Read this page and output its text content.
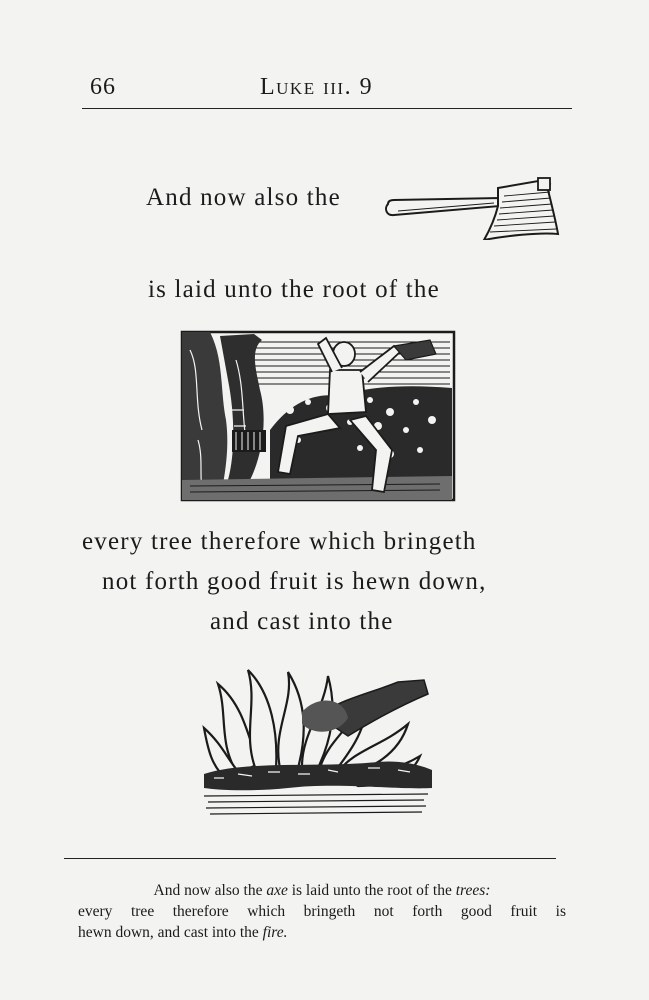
66	Luke iii. 9
And now also the
is laid unto the root of the
every tree therefore which bringeth
not forth good fruit is hewn down,
and cast into the
And now also the axe is laid unto the root of the trees:
every tree therefore which bringeth not forth good fruit is
hewn down, and cast into the fire.
